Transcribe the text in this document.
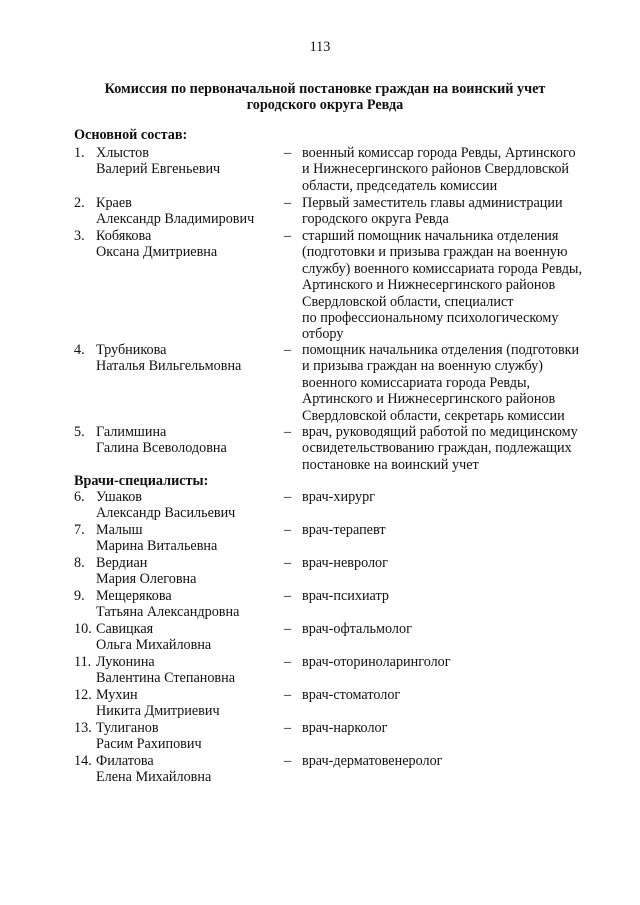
113
Комиссия по первоначальной постановке граждан на воинский учет
городского округа Ревда
Основной состав:
1. Хлыстов
Валерий Евгеньевич
– военный комиссар города Ревды, Артинского
и Нижнесергинского районов Свердловской
области, председатель комиссии
2. Краев
Александр Владимирович
– Первый заместитель главы администрации
городского округа Ревда
3. Кобякова
Оксана Дмитриевна
– старший помощник начальника отделения
(подготовки и призыва граждан на военную
службу) военного комиссариата города Ревды,
Артинского и Нижнесергинского районов
Свердловской области, специалист
по профессиональному психологическому
отбору
4. Трубникова
Наталья Вильгельмовна
– помощник начальника отделения (подготовки
и призыва граждан на военную службу)
военного комиссариата города Ревды,
Артинского и Нижнесергинского районов
Свердловской области, секретарь комиссии
5. Галимшина
Галина Всеволодовна
– врач, руководящий работой по медицинскому
освидетельствованию граждан, подлежащих
постановке на воинский учет
Врачи-специалисты:
6. Ушаков
Александр Васильевич
– врач-хирург
7. Малыш
Марина Витальевна
– врач-терапевт
8. Вердиан
Мария Олеговна
– врач-невролог
9. Мещерякова
Татьяна Александровна
– врач-психиатр
10. Савицкая
Ольга Михайловна
– врач-офтальмолог
11. Луконина
Валентина Степановна
– врач-оториноларинголог
12. Мухин
Никита Дмитриевич
– врач-стоматолог
13. Тулиганов
Расим Рахипович
– врач-нарколог
14. Филатова
Елена Михайловна
– врач-дерматовенеролог
